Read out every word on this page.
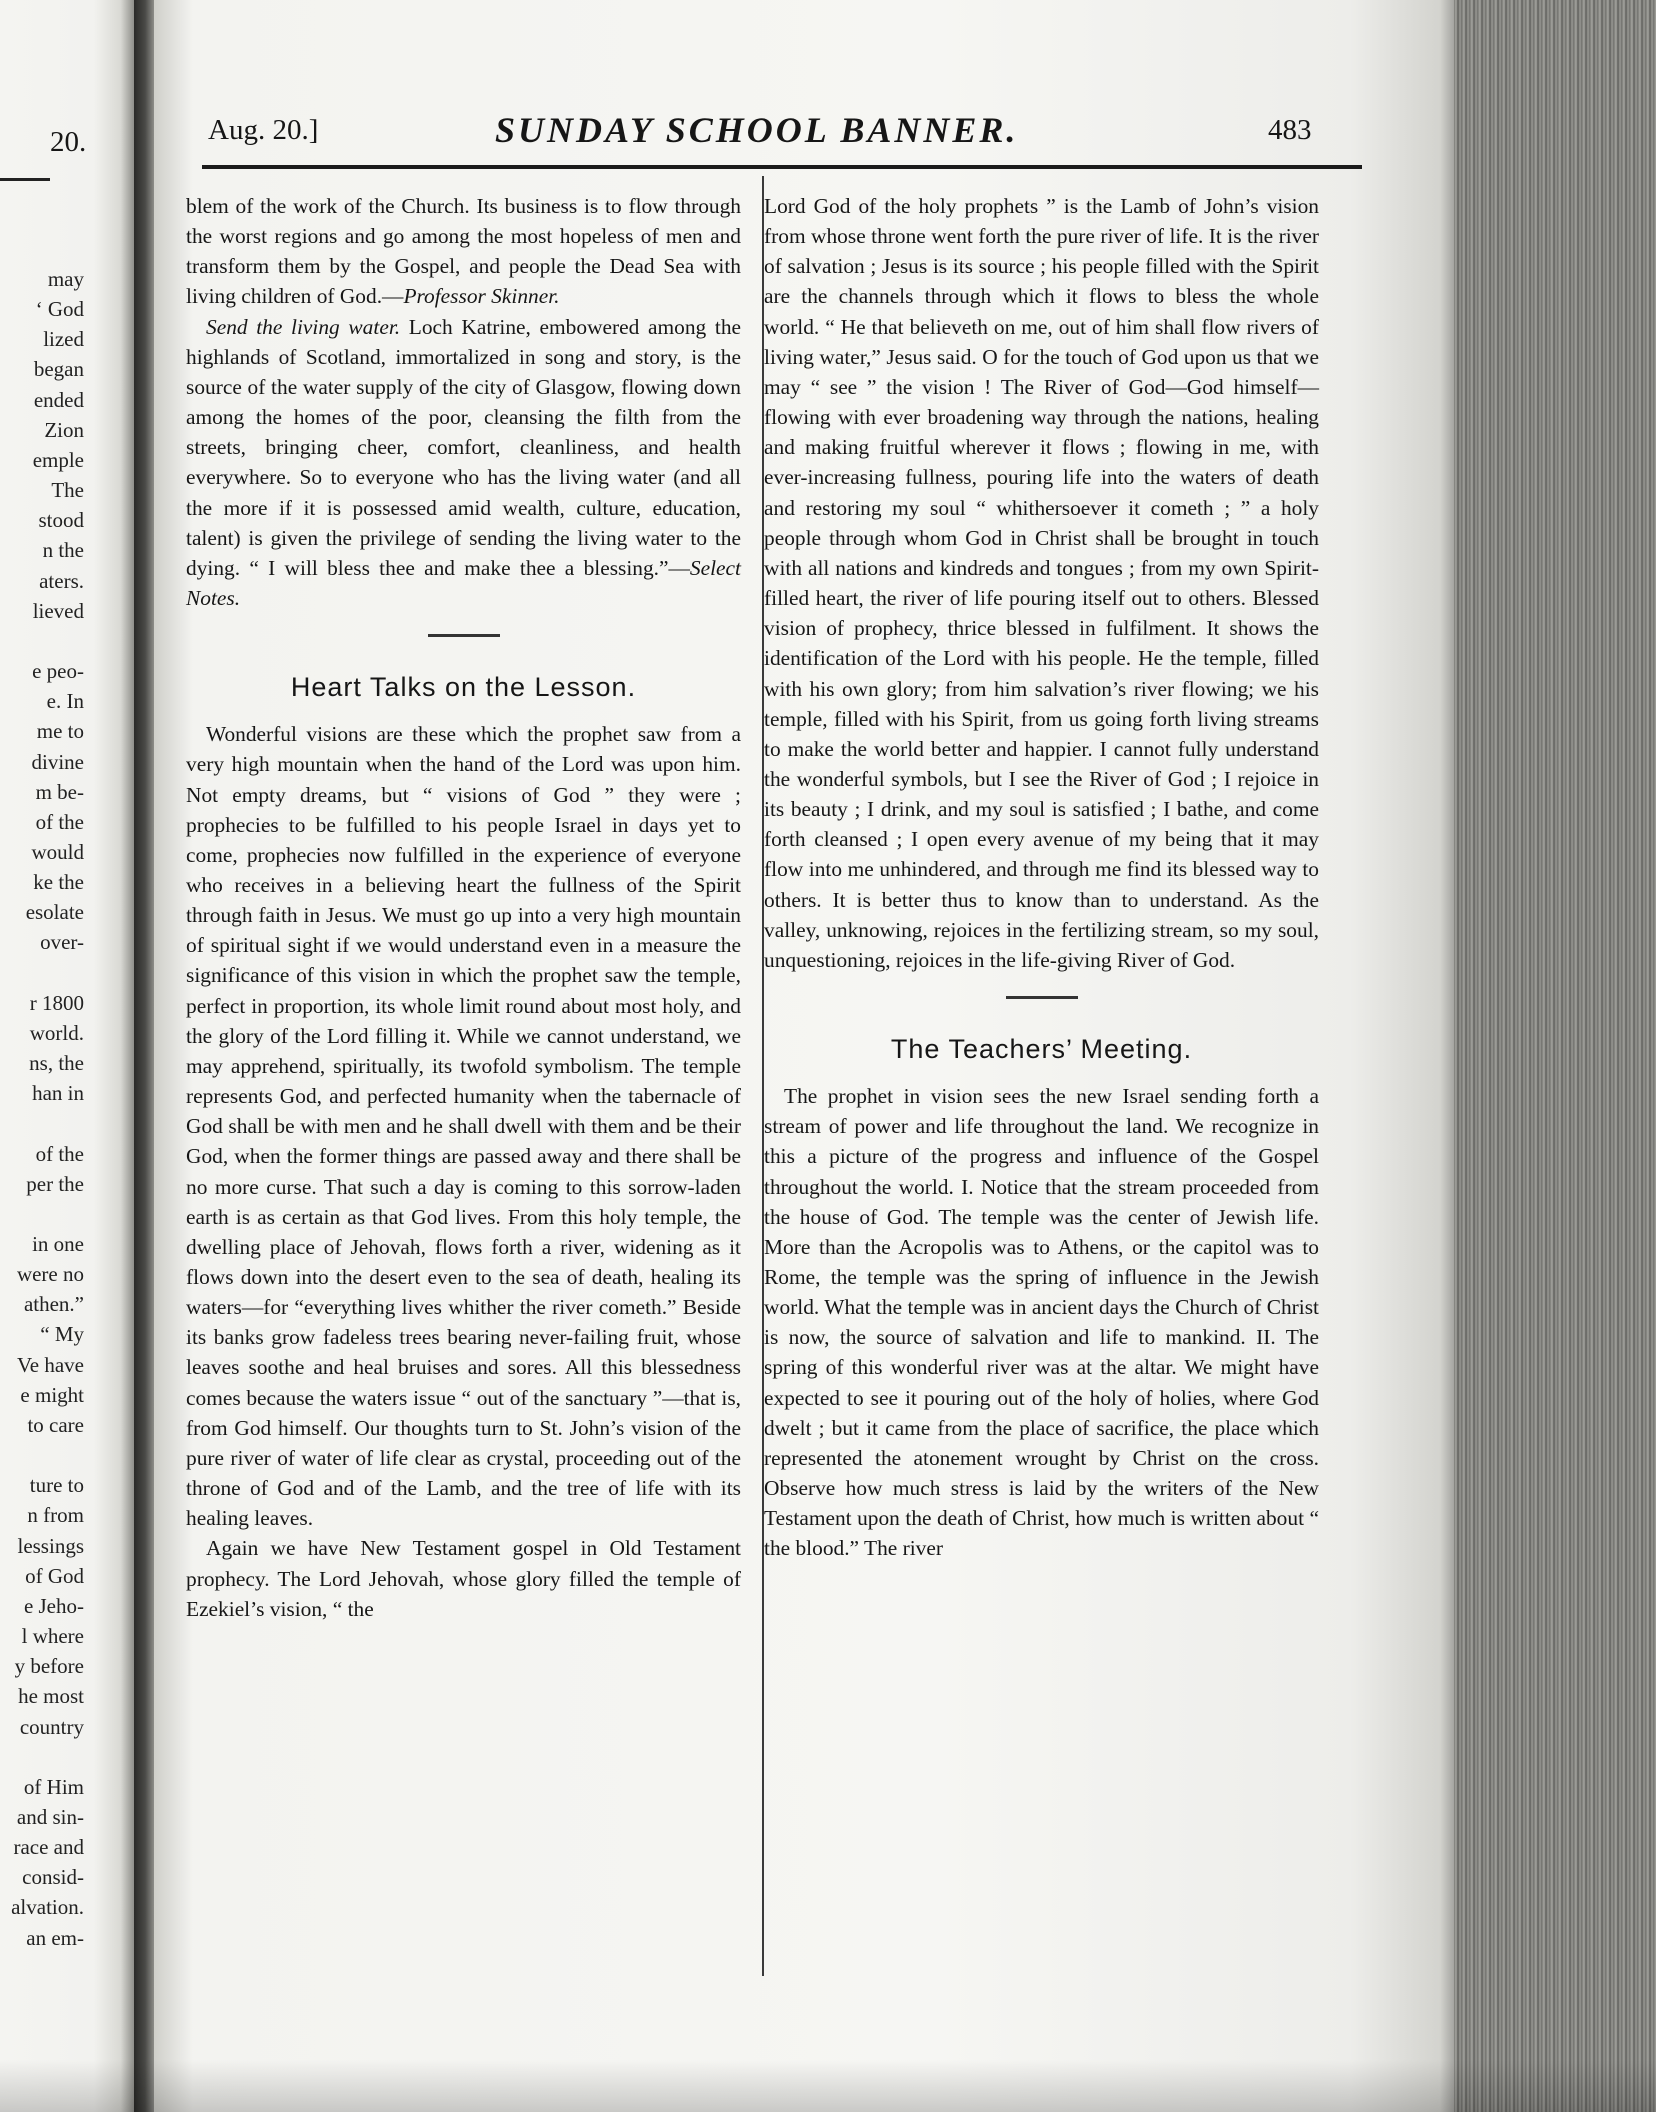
20.
may
‘ God
lized
began
ended
Zion
emple
The
stood
n the
aters.
lieved

e peo-
e. In
me to
divine
m be-
of the
would
ke the
esolate
over-

r 1800
world.
ns, the
han in

of the
per the

in one
were no
athen.”
“ My
Ve have
e might
to care

ture to
n from
lessings
of God
e Jeho-
l where
y before
he most
country

of Him
and sin-
race and
consid-
alvation.
an em-
Aug. 20.]	SUNDAY SCHOOL BANNER.	483

blem of the work of the Church. Its business is to flow through the worst regions and go among the most hopeless of men and transform them by the Gospel, and people the Dead Sea with living children of God.—Professor Skinner.

Send the living water. Loch Katrine, embowered among the highlands of Scotland, immortalized in song and story, is the source of the water supply of the city of Glasgow, flowing down among the homes of the poor, cleansing the filth from the streets, bringing cheer, comfort, cleanliness, and health everywhere. So to everyone who has the living water (and all the more if it is possessed amid wealth, culture, education, talent) is given the privilege of sending the living water to the dying. “ I will bless thee and make thee a blessing.”—Select Notes.

Heart Talks on the Lesson.

Wonderful visions are these which the prophet saw from a very high mountain when the hand of the Lord was upon him. Not empty dreams, but “ visions of God ” they were ; prophecies to be fulfilled to his people Israel in days yet to come, prophecies now fulfilled in the experience of everyone who receives in a believing heart the fullness of the Spirit through faith in Jesus. We must go up into a very high mountain of spiritual sight if we would understand even in a measure the significance of this vision in which the prophet saw the temple, perfect in proportion, its whole limit round about most holy, and the glory of the Lord filling it. While we cannot understand, we may apprehend, spiritually, its twofold symbolism. The temple represents God, and perfected humanity when the tabernacle of God shall be with men and he shall dwell with them and be their God, when the former things are passed away and there shall be no more curse. That such a day is coming to this sorrow-laden earth is as certain as that God lives. From this holy temple, the dwelling place of Jehovah, flows forth a river, widening as it flows down into the desert even to the sea of death, healing its waters—for “everything lives whither the river cometh.” Beside its banks grow fadeless trees bearing never-failing fruit, whose leaves soothe and heal bruises and sores. All this blessedness comes because the waters issue “ out of the sanctuary ”—that is, from God himself. Our thoughts turn to St. John’s vision of the pure river of water of life clear as crystal, proceeding out of the throne of God and of the Lamb, and the tree of life with its healing leaves.

Again we have New Testament gospel in Old Testament prophecy. The Lord Jehovah, whose glory filled the temple of Ezekiel’s vision, “ the

Lord God of the holy prophets ” is the Lamb of John’s vision from whose throne went forth the pure river of life. It is the river of salvation ; Jesus is its source ; his people filled with the Spirit are the channels through which it flows to bless the whole world. “ He that believeth on me, out of him shall flow rivers of living water,” Jesus said. O for the touch of God upon us that we may “ see ” the vision ! The River of God—God himself—flowing with ever broadening way through the nations, healing and making fruitful wherever it flows ; flowing in me, with ever-increasing fullness, pouring life into the waters of death and restoring my soul “ whithersoever it cometh ; ” a holy people through whom God in Christ shall be brought in touch with all nations and kindreds and tongues ; from my own Spirit-filled heart, the river of life pouring itself out to others. Blessed vision of prophecy, thrice blessed in fulfilment. It shows the identification of the Lord with his people. He the temple, filled with his own glory; from him salvation’s river flowing; we his temple, filled with his Spirit, from us going forth living streams to make the world better and happier. I cannot fully understand the wonderful symbols, but I see the River of God ; I rejoice in its beauty ; I drink, and my soul is satisfied ; I bathe, and come forth cleansed ; I open every avenue of my being that it may flow into me unhindered, and through me find its blessed way to others. It is better thus to know than to understand. As the valley, unknowing, rejoices in the fertilizing stream, so my soul, unquestioning, rejoices in the life-giving River of God.

The Teachers’ Meeting.

The prophet in vision sees the new Israel sending forth a stream of power and life throughout the land. We recognize in this a picture of the progress and influence of the Gospel throughout the world. I. Notice that the stream proceeded from the house of God. The temple was the center of Jewish life. More than the Acropolis was to Athens, or the capitol was to Rome, the temple was the spring of influence in the Jewish world. What the temple was in ancient days the Church of Christ is now, the source of salvation and life to mankind. II. The spring of this wonderful river was at the altar. We might have expected to see it pouring out of the holy of holies, where God dwelt ; but it came from the place of sacrifice, the place which represented the atonement wrought by Christ on the cross. Observe how much stress is laid by the writers of the New Testament upon the death of Christ, how much is written about “ the blood.” The river
